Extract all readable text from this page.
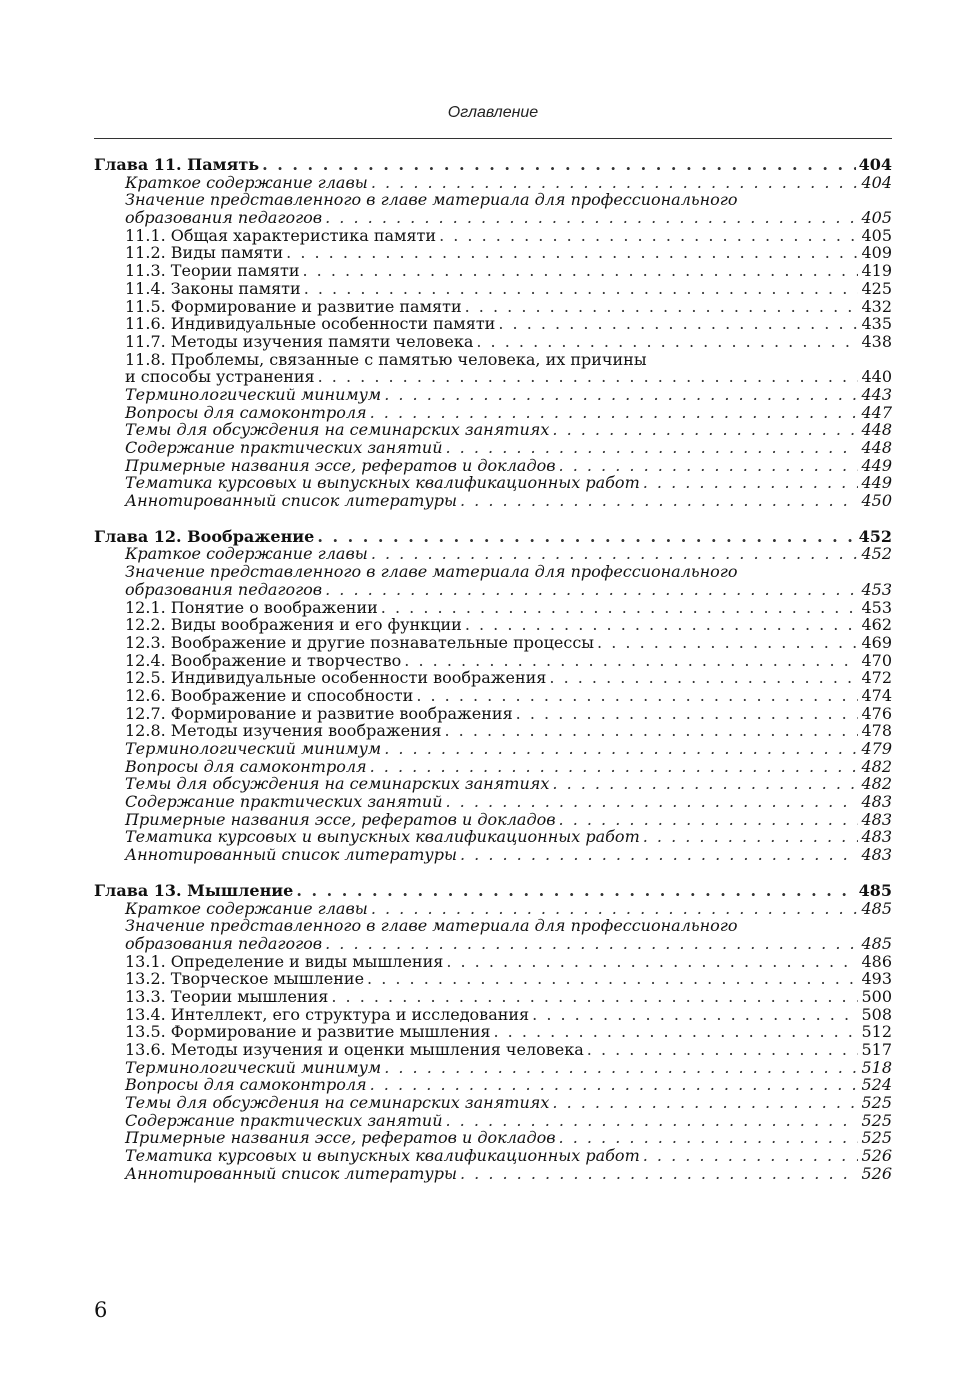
Оглавление
Глава 11. Память . . .	404
Краткое содержание главы . . .	404
Значение представленного в главе материала для профессионального
образования педагогов . . .	405
11.1. Общая характеристика памяти . . .	405
11.2. Виды памяти . . .	409
11.3. Теории памяти . . .	419
11.4. Законы памяти . . .	425
11.5. Формирование и развитие памяти . . .	432
11.6. Индивидуальные особенности памяти . . .	435
11.7. Методы изучения памяти человека . . .	438
11.8. Проблемы, связанные с памятью человека, их причины
и способы устранения . . .	440
Терминологический минимум . . .	443
Вопросы для самоконтроля . . .	447
Темы для обсуждения на семинарских занятиях . . .	448
Содержание практических занятий . . .	448
Примерные названия эссе, рефератов и докладов . . .	449
Тематика курсовых и выпускных квалификационных работ . . .	449
Аннотированный список литературы . . .	450
Глава 12. Воображение . . .	452
Краткое содержание главы . . .	452
Значение представленного в главе материала для профессионального
образования педагогов . . .	453
12.1. Понятие о воображении . . .	453
12.2. Виды воображения и его функции . . .	462
12.3. Воображение и другие познавательные процессы . . .	469
12.4. Воображение и творчество . . .	470
12.5. Индивидуальные особенности воображения . . .	472
12.6. Воображение и способности . . .	474
12.7. Формирование и развитие воображения . . .	476
12.8. Методы изучения воображения . . .	478
Терминологический минимум . . .	479
Вопросы для самоконтроля . . .	482
Темы для обсуждения на семинарских занятиях . . .	482
Содержание практических занятий . . .	483
Примерные названия эссе, рефератов и докладов . . .	483
Тематика курсовых и выпускных квалификационных работ . . .	483
Аннотированный список литературы . . .	483
Глава 13. Мышление . . .	485
Краткое содержание главы . . .	485
Значение представленного в главе материала для профессионального
образования педагогов . . .	485
13.1. Определение и виды мышления . . .	486
13.2. Творческое мышление . . .	493
13.3. Теории мышления . . .	500
13.4. Интеллект, его структура и исследования . . .	508
13.5. Формирование и развитие мышления . . .	512
13.6. Методы изучения и оценки мышления человека . . .	517
Терминологический минимум . . .	518
Вопросы для самоконтроля . . .	524
Темы для обсуждения на семинарских занятиях . . .	525
Содержание практических занятий . . .	525
Примерные названия эссе, рефератов и докладов . . .	525
Тематика курсовых и выпускных квалификационных работ . . .	526
Аннотированный список литературы . . .	526
6
